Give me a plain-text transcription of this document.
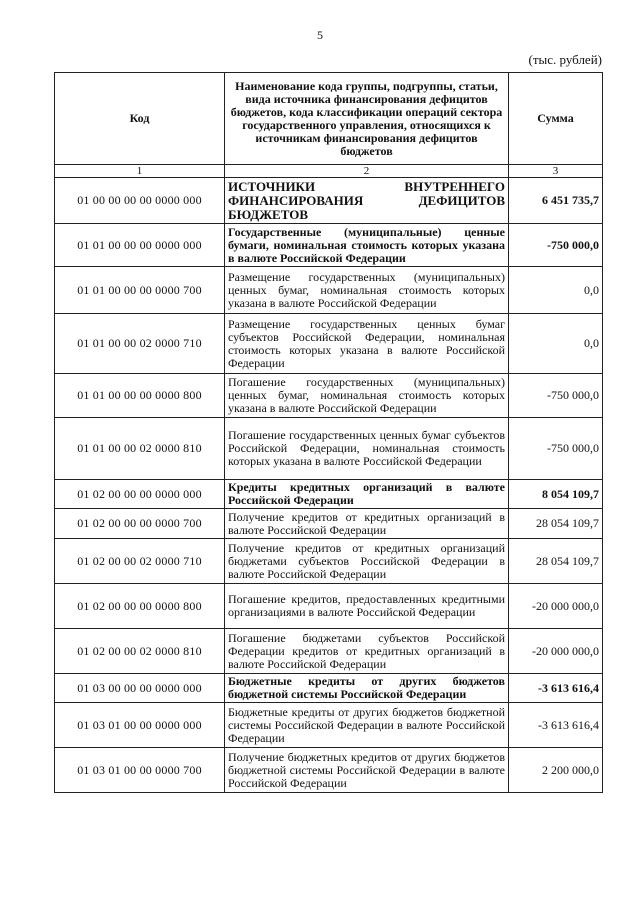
5
(тыс. рублей)
Код	Наименование кода группы, подгруппы, статьи, вида источника финансирования дефицитов бюджетов, кода классификации операций сектора государственного управления, относящихся к источникам финансирования дефицитов бюджетов	Сумма
1	2	3
01 00 00 00 00 0000 000	ИСТОЧНИКИ ВНУТРЕННЕГО ФИНАНСИРОВАНИЯ ДЕФИЦИТОВ БЮДЖЕТОВ	6 451 735,7
01 01 00 00 00 0000 000	Государственные (муниципальные) ценные бумаги, номинальная стоимость которых указана в валюте Российской Федерации	-750 000,0
01 01 00 00 00 0000 700	Размещение государственных (муниципальных) ценных бумаг, номинальная стоимость которых указана в валюте Российской Федерации	0,0
01 01 00 00 02 0000 710	Размещение государственных ценных бумаг субъектов Российской Федерации, номинальная стоимость которых указана в валюте Российской Федерации	0,0
01 01 00 00 00 0000 800	Погашение государственных (муниципальных) ценных бумаг, номинальная стоимость которых указана в валюте Российской Федерации	-750 000,0
01 01 00 00 02 0000 810	Погашение государственных ценных бумаг субъектов Российской Федерации, номинальная стоимость которых указана в валюте Российской Федерации	-750 000,0
01 02 00 00 00 0000 000	Кредиты кредитных организаций в валюте Российской Федерации	8 054 109,7
01 02 00 00 00 0000 700	Получение кредитов от кредитных организаций в валюте Российской Федерации	28 054 109,7
01 02 00 00 02 0000 710	Получение кредитов от кредитных организаций бюджетами субъектов Российской Федерации в валюте Российской Федерации	28 054 109,7
01 02 00 00 00 0000 800	Погашение кредитов, предоставленных кредитными организациями в валюте Российской Федерации	-20 000 000,0
01 02 00 00 02 0000 810	Погашение бюджетами субъектов Российской Федерации кредитов от кредитных организаций в валюте Российской Федерации	-20 000 000,0
01 03 00 00 00 0000 000	Бюджетные кредиты от других бюджетов бюджетной системы Российской Федерации	-3 613 616,4
01 03 01 00 00 0000 000	Бюджетные кредиты от других бюджетов бюджетной системы Российской Федерации в валюте Российской Федерации	-3 613 616,4
01 03 01 00 00 0000 700	Получение бюджетных кредитов от других бюджетов бюджетной системы Российской Федерации в валюте Российской Федерации	2 200 000,0
